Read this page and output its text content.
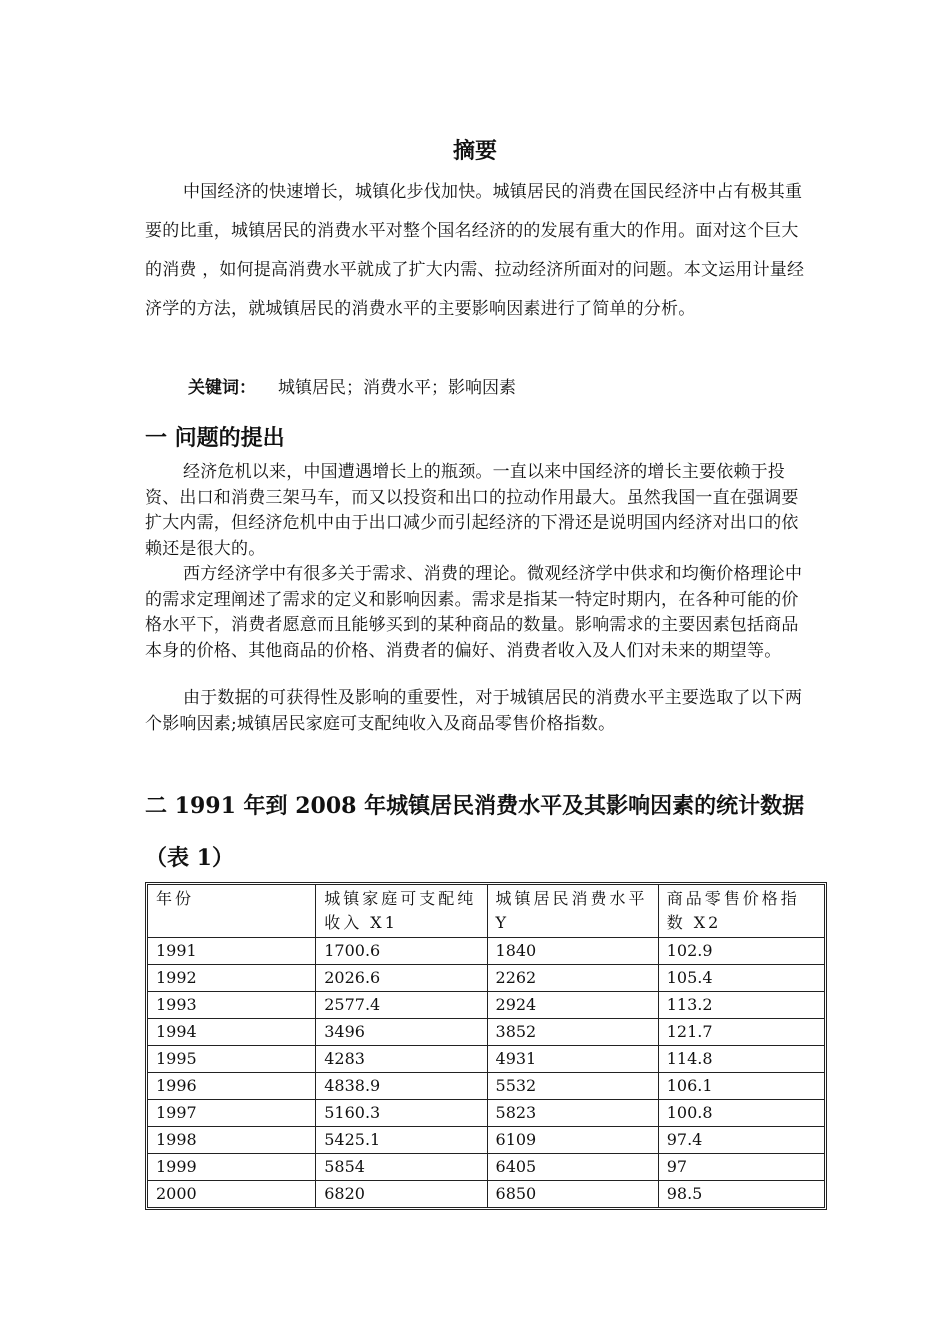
摘要
中国经济的快速增长，城镇化步伐加快。城镇居民的消费在国民经济中占有极其重要的比重，城镇居民的消费水平对整个国名经济的的发展有重大的作用。面对这个巨大的消费 ，如何提高消费水平就成了扩大内需、拉动经济所面对的问题。本文运用计量经济学的方法，就城镇居民的消费水平的主要影响因素进行了简单的分析。
关键词： 城镇居民；消费水平；影响因素
一 问题的提出
经济危机以来，中国遭遇增长上的瓶颈。一直以来中国经济的增长主要依赖于投资、出口和消费三架马车，而又以投资和出口的拉动作用最大。虽然我国一直在强调要扩大内需，但经济危机中由于出口减少而引起经济的下滑还是说明国内经济对出口的依赖还是很大的。
西方经济学中有很多关于需求、消费的理论。微观经济学中供求和均衡价格理论中的需求定理阐述了需求的定义和影响因素。需求是指某一特定时期内，在各种可能的价格水平下，消费者愿意而且能够买到的某种商品的数量。影响需求的主要因素包括商品本身的价格、其他商品的价格、消费者的偏好、消费者收入及人们对未来的期望等。
由于数据的可获得性及影响的重要性，对于城镇居民的消费水平主要选取了以下两个影响因素;城镇居民家庭可支配纯收入及商品零售价格指数。
二 1991 年到 2008 年城镇居民消费水平及其影响因素的统计数据（表 1）
年份	城镇家庭可支配纯收入 X1	城镇居民消费水平 Y	商品零售价格指数 X2
1991	1700.6	1840	102.9
1992	2026.6	2262	105.4
1993	2577.4	2924	113.2
1994	3496	3852	121.7
1995	4283	4931	114.8
1996	4838.9	5532	106.1
1997	5160.3	5823	100.8
1998	5425.1	6109	97.4
1999	5854	6405	97
2000	6820	6850	98.5
